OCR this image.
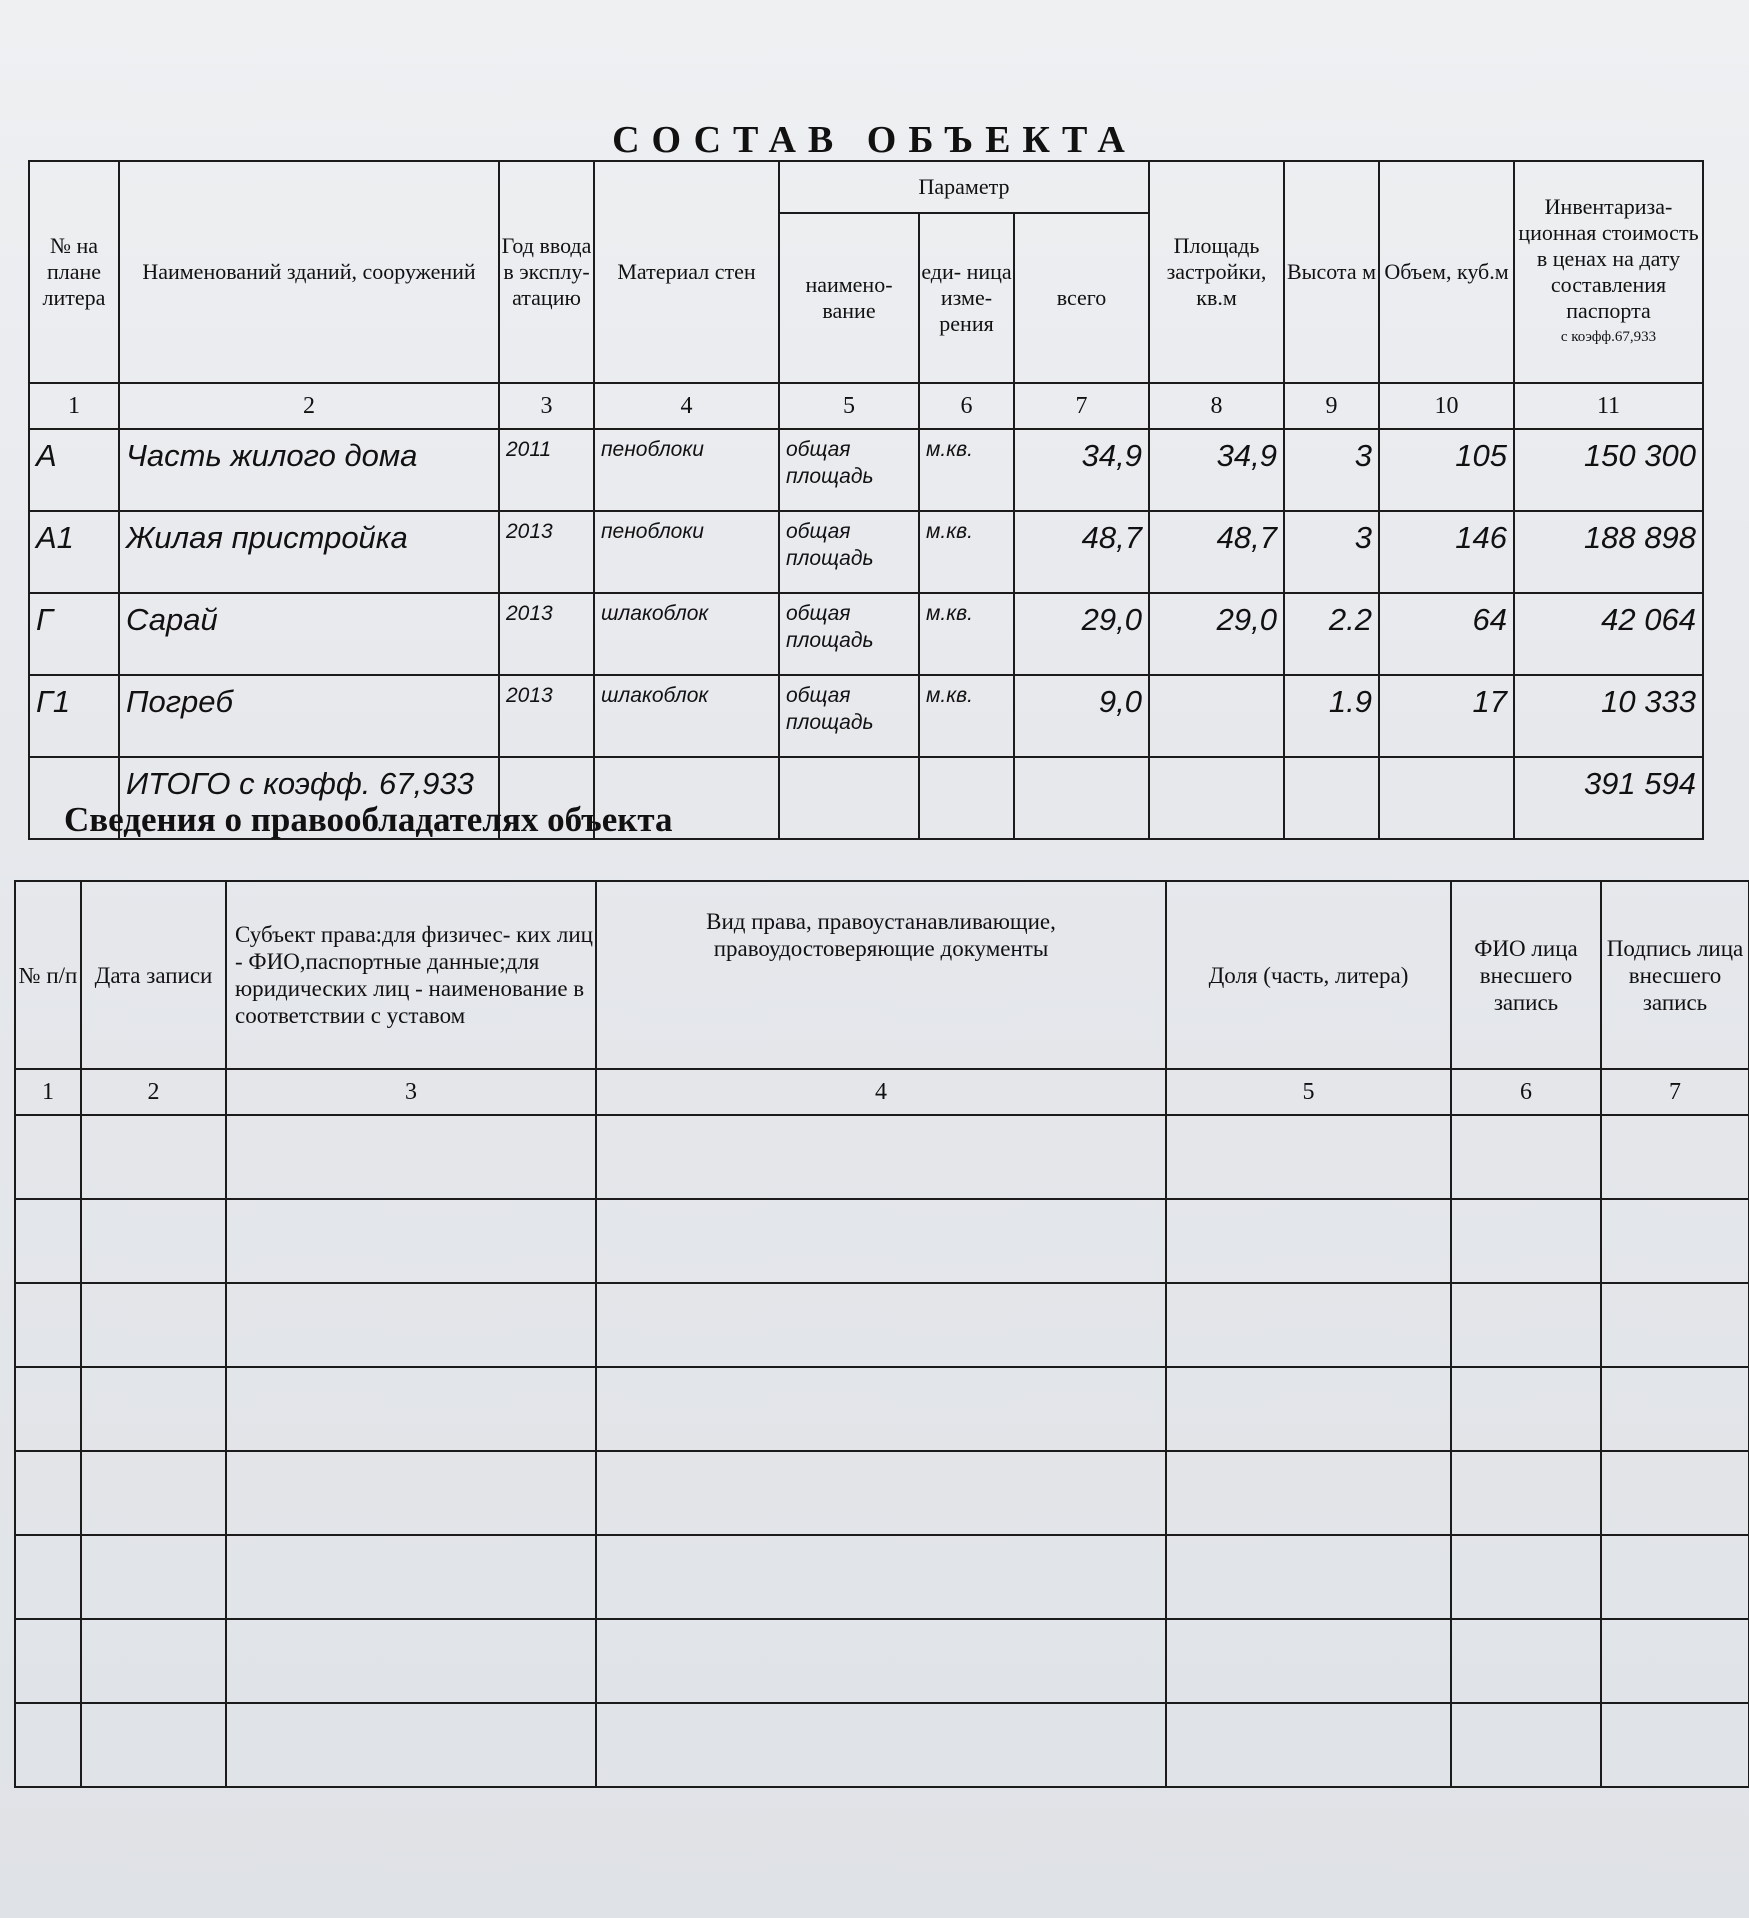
СОСТАВ ОБЪЕКТА
№ на плане литера	Наименований зданий, сооружений	Год ввода в эксплу- атацию	Материал стен	Параметр			Площадь застройки, кв.м	Высота м	Объем, куб.м	Инвентариза- ционная стоимость в ценах на дату составления паспорта
с коэфф.67,933

				наимено- вание	еди- ница изме- рения	всего				
1	2	3	4	5	6	7	8	9	10	11
А	Часть жилого дома	2011	пеноблоки	общая площадь	м.кв.	34,9	34,9	3	105	150 300
А1	Жилая пристройка	2013	пеноблоки	общая площадь	м.кв.	48,7	48,7	3	146	188 898
Г	Сарай	2013	шлакоблок	общая площадь	м.кв.	29,0	29,0	2.2	64	42 064
Г1	Погреб	2013	шлакоблок	общая площадь	м.кв.	9,0		1.9	17	10 333
	ИТОГО с коэфф. 67,933									391 594
Сведения о правообладателях объекта
№ п/п	Дата записи	Субъект права:для физичес- ких лиц - ФИО,паспортные данные;для юридических лиц - наименование в соответствии с уставом	Вид права, правоустанавливающие, правоудостоверяющие документы	Доля (часть, литера)	ФИО лица внесшего запись	Подпись лица внесшего запись
1	2	3	4	5	6	7
